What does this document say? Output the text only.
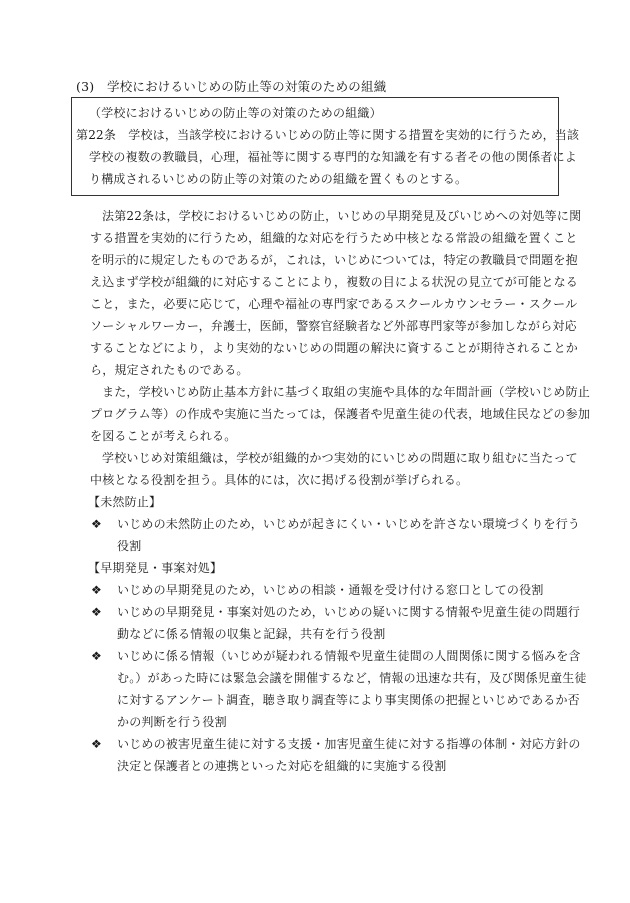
(3)　学校におけるいじめの防止等の対策のための組織
（学校におけるいじめの防止等の対策のための組織）
第22条　学校は，当該学校におけるいじめの防止等に関する措置を実効的に行うため，当該
学校の複数の教職員，心理，福祉等に関する専門的な知識を有する者その他の関係者によ
り構成されるいじめの防止等の対策のための組織を置くものとする。
法第22条は，学校におけるいじめの防止，いじめの早期発見及びいじめへの対処等に関
する措置を実効的に行うため，組織的な対応を行うため中核となる常設の組織を置くこと
を明示的に規定したものであるが，これは，いじめについては，特定の教職員で問題を抱
え込まず学校が組織的に対応することにより，複数の目による状況の見立てが可能となる
こと，また，必要に応じて，心理や福祉の専門家であるスクールカウンセラー・スクール
ソーシャルワーカー，弁護士，医師，警察官経験者など外部専門家等が参加しながら対応
することなどにより，より実効的ないじめの問題の解決に資することが期待されることか
ら，規定されたものである。
また，学校いじめ防止基本方針に基づく取組の実施や具体的な年間計画（学校いじめ防止
プログラム等）の作成や実施に当たっては，保護者や児童生徒の代表，地域住民などの参加
を図ることが考えられる。
学校いじめ対策組織は，学校が組織的かつ実効的にいじめの問題に取り組むに当たって
中核となる役割を担う。具体的には，次に掲げる役割が挙げられる。
【未然防止】
❖ いじめの未然防止のため，いじめが起きにくい・いじめを許さない環境づくりを行う
役割
【早期発見・事案対処】
❖ いじめの早期発見のため，いじめの相談・通報を受け付ける窓口としての役割
❖ いじめの早期発見・事案対処のため，いじめの疑いに関する情報や児童生徒の問題行
動などに係る情報の収集と記録，共有を行う役割
❖ いじめに係る情報（いじめが疑われる情報や児童生徒間の人間関係に関する悩みを含
む。）があった時には緊急会議を開催するなど，情報の迅速な共有，及び関係児童生徒
に対するアンケート調査，聴き取り調査等により事実関係の把握といじめであるか否
かの判断を行う役割
❖ いじめの被害児童生徒に対する支援・加害児童生徒に対する指導の体制・対応方針の
決定と保護者との連携といった対応を組織的に実施する役割
